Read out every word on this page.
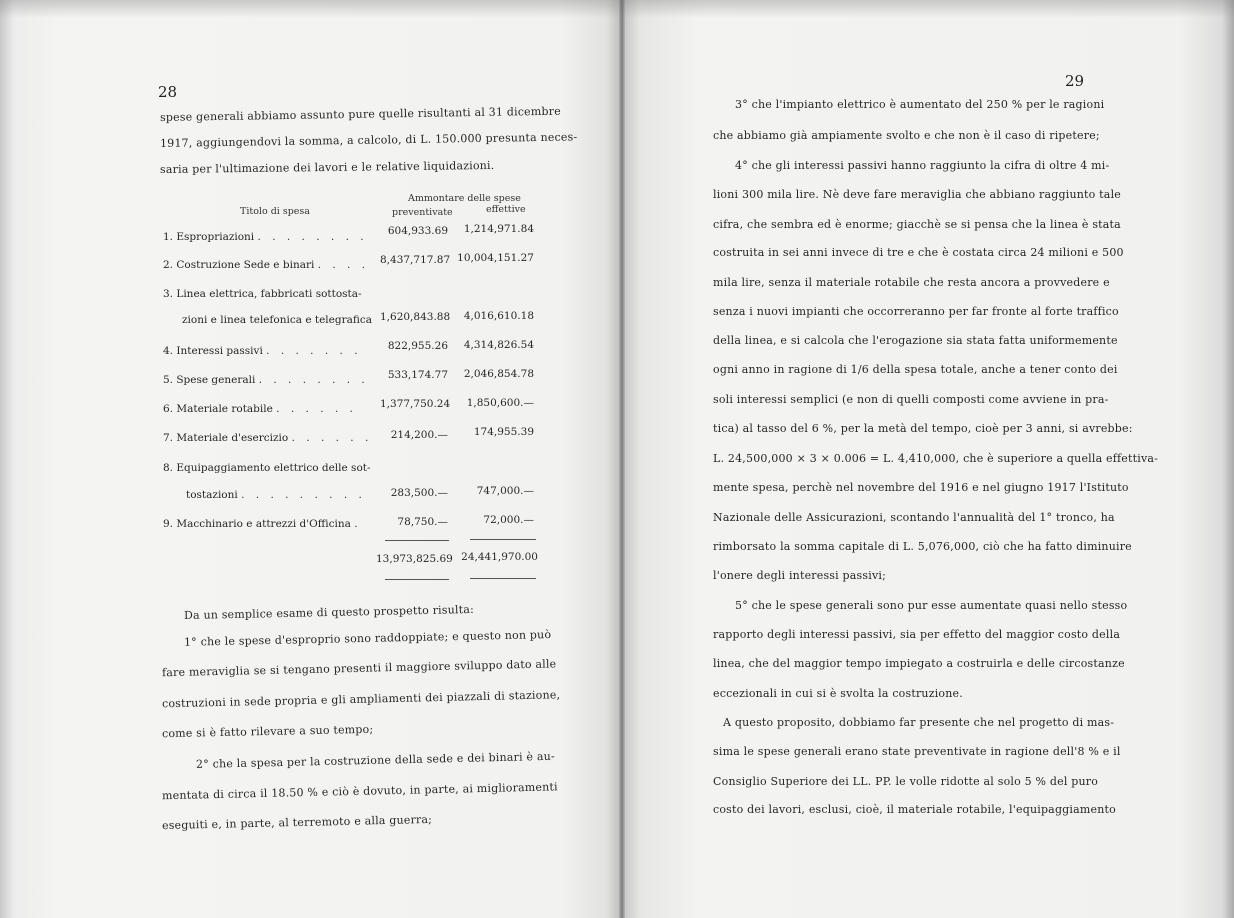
28
spese generali abbiamo assunto pure quelle risultanti al 31 dicembre
1917, aggiungendovi la somma, a calcolo, di L. 150.000 presunta neces-
saria per l'ultimazione dei lavori e le relative liquidazioni.
Ammontare delle spese
Titolo di spesa	preventivate	effettive
1. Espropriazioni . . . . . . . .	604,933.69	1,214,971.84
2. Costruzione Sede e binari . . . . 8,437,717.87 10,004,151.27
3. Linea elettrica, fabbricati sottosta-
zioni e linea telefonica e telegrafica 1,620,843.88	4,016,610.18
4. Interessi passivi . . . . . . .	822,955.26	4,314,826.54
5. Spese generali . . . . . . . .	533,174.77	2,046,854.78
6. Materiale rotabile . . . . . . 1,377,750.24	1,850,600.—
7. Materiale d'esercizio . . . . . .	214,200.—	174,955.39
8. Equipaggiamento elettrico delle sot-
tostazioni . . . . . . . . .	283,500.—	747,000.—
9. Macchinario e attrezzi d'Officina .	78,750.—	72,000.—
13,973,825.69 24,441,970.00
Da un semplice esame di questo prospetto risulta:
1° che le spese d'esproprio sono raddoppiate; e questo non può
fare meraviglia se si tengano presenti il maggiore sviluppo dato alle
costruzioni in sede propria e gli ampliamenti dei piazzali di stazione,
come si è fatto rilevare a suo tempo;
2° che la spesa per la costruzione della sede e dei binari è au-
mentata di circa il 18.50 % e ciò è dovuto, in parte, ai miglioramenti
eseguiti e, in parte, al terremoto e alla guerra;
29
3° che l'impianto elettrico è aumentato del 250 % per le ragioni
che abbiamo già ampiamente svolto e che non è il caso di ripetere;
4° che gli interessi passivi hanno raggiunto la cifra di oltre 4 mi-
lioni 300 mila lire. Nè deve fare meraviglia che abbiano raggiunto tale
cifra, che sembra ed è enorme; giacchè se si pensa che la linea è stata
costruita in sei anni invece di tre e che è costata circa 24 milioni e 500
mila lire, senza il materiale rotabile che resta ancora a provvedere e
senza i nuovi impianti che occorreranno per far fronte al forte traffico
della linea, e si calcola che l'erogazione sia stata fatta uniformemente
ogni anno in ragione di 1/6 della spesa totale, anche a tener conto dei
soli interessi semplici (e non di quelli composti come avviene in pra-
tica) al tasso del 6 %, per la metà del tempo, cioè per 3 anni, si avrebbe:
L. 24,500,000 × 3 × 0.006 = L. 4,410,000, che è superiore a quella effettiva-
mente spesa, perchè nel novembre del 1916 e nel giugno 1917 l'Istituto
Nazionale delle Assicurazioni, scontando l'annualità del 1° tronco, ha
rimborsato la somma capitale di L. 5,076,000, ciò che ha fatto diminuire
l'onere degli interessi passivi;
5° che le spese generali sono pur esse aumentate quasi nello stesso
rapporto degli interessi passivi, sia per effetto del maggior costo della
linea, che del maggior tempo impiegato a costruirla e delle circostanze
eccezionali in cui si è svolta la costruzione.
A questo proposito, dobbiamo far presente che nel progetto di mas-
sima le spese generali erano state preventivate in ragione dell'8 % e il
Consiglio Superiore dei LL. PP. le volle ridotte al solo 5 % del puro
costo dei lavori, esclusi, cioè, il materiale rotabile, l'equipaggiamento
